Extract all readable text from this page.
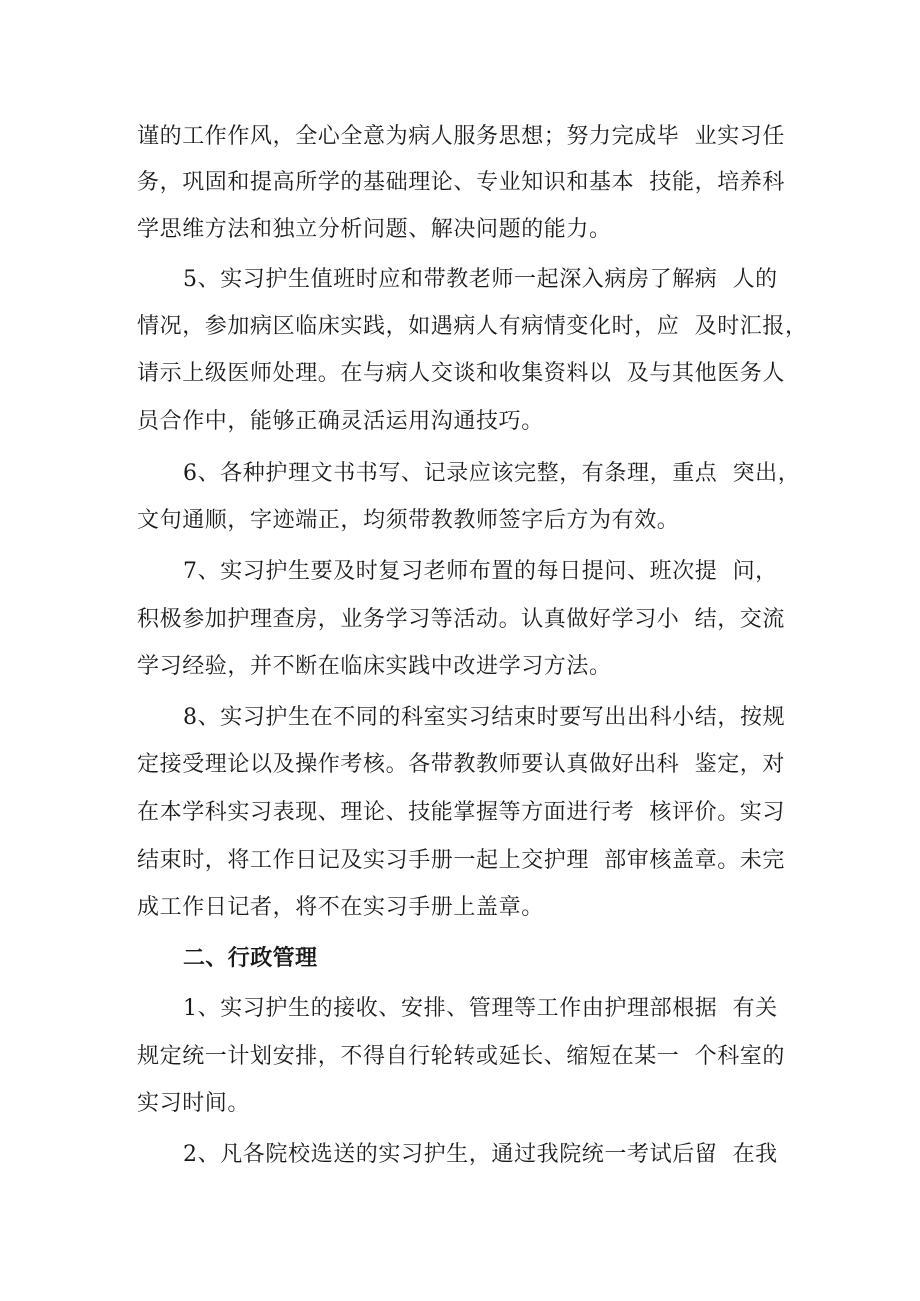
谨的工作作风，全心全意为病人服务思想；努力完成毕  业实习任
务，巩固和提高所学的基础理论、专业知识和基本  技能，培养科
学思维方法和独立分析问题、解决问题的能力。
5、实习护生值班时应和带教老师一起深入病房了解病  人的
情况，参加病区临床实践，如遇病人有病情变化时，应  及时汇报，
请示上级医师处理。在与病人交谈和收集资料以  及与其他医务人
员合作中，能够正确灵活运用沟通技巧。
6、各种护理文书书写、记录应该完整，有条理，重点  突出，
文句通顺，字迹端正，均须带教教师签字后方为有效。
7、实习护生要及时复习老师布置的每日提问、班次提  问，
积极参加护理查房，业务学习等活动。认真做好学习小  结，交流
学习经验，并不断在临床实践中改进学习方法。
8、实习护生在不同的科室实习结束时要写出出科小结，按规
定接受理论以及操作考核。各带教教师要认真做好出科  鉴定，对
在本学科实习表现、理论、技能掌握等方面进行考  核评价。实习
结束时，将工作日记及实习手册一起上交护理  部审核盖章。未完
成工作日记者，将不在实习手册上盖章。
二、行政管理
1、实习护生的接收、安排、管理等工作由护理部根据  有关
规定统一计划安排，不得自行轮转或延长、缩短在某一  个科室的
实习时间。
2、凡各院校选送的实习护生，通过我院统一考试后留  在我
